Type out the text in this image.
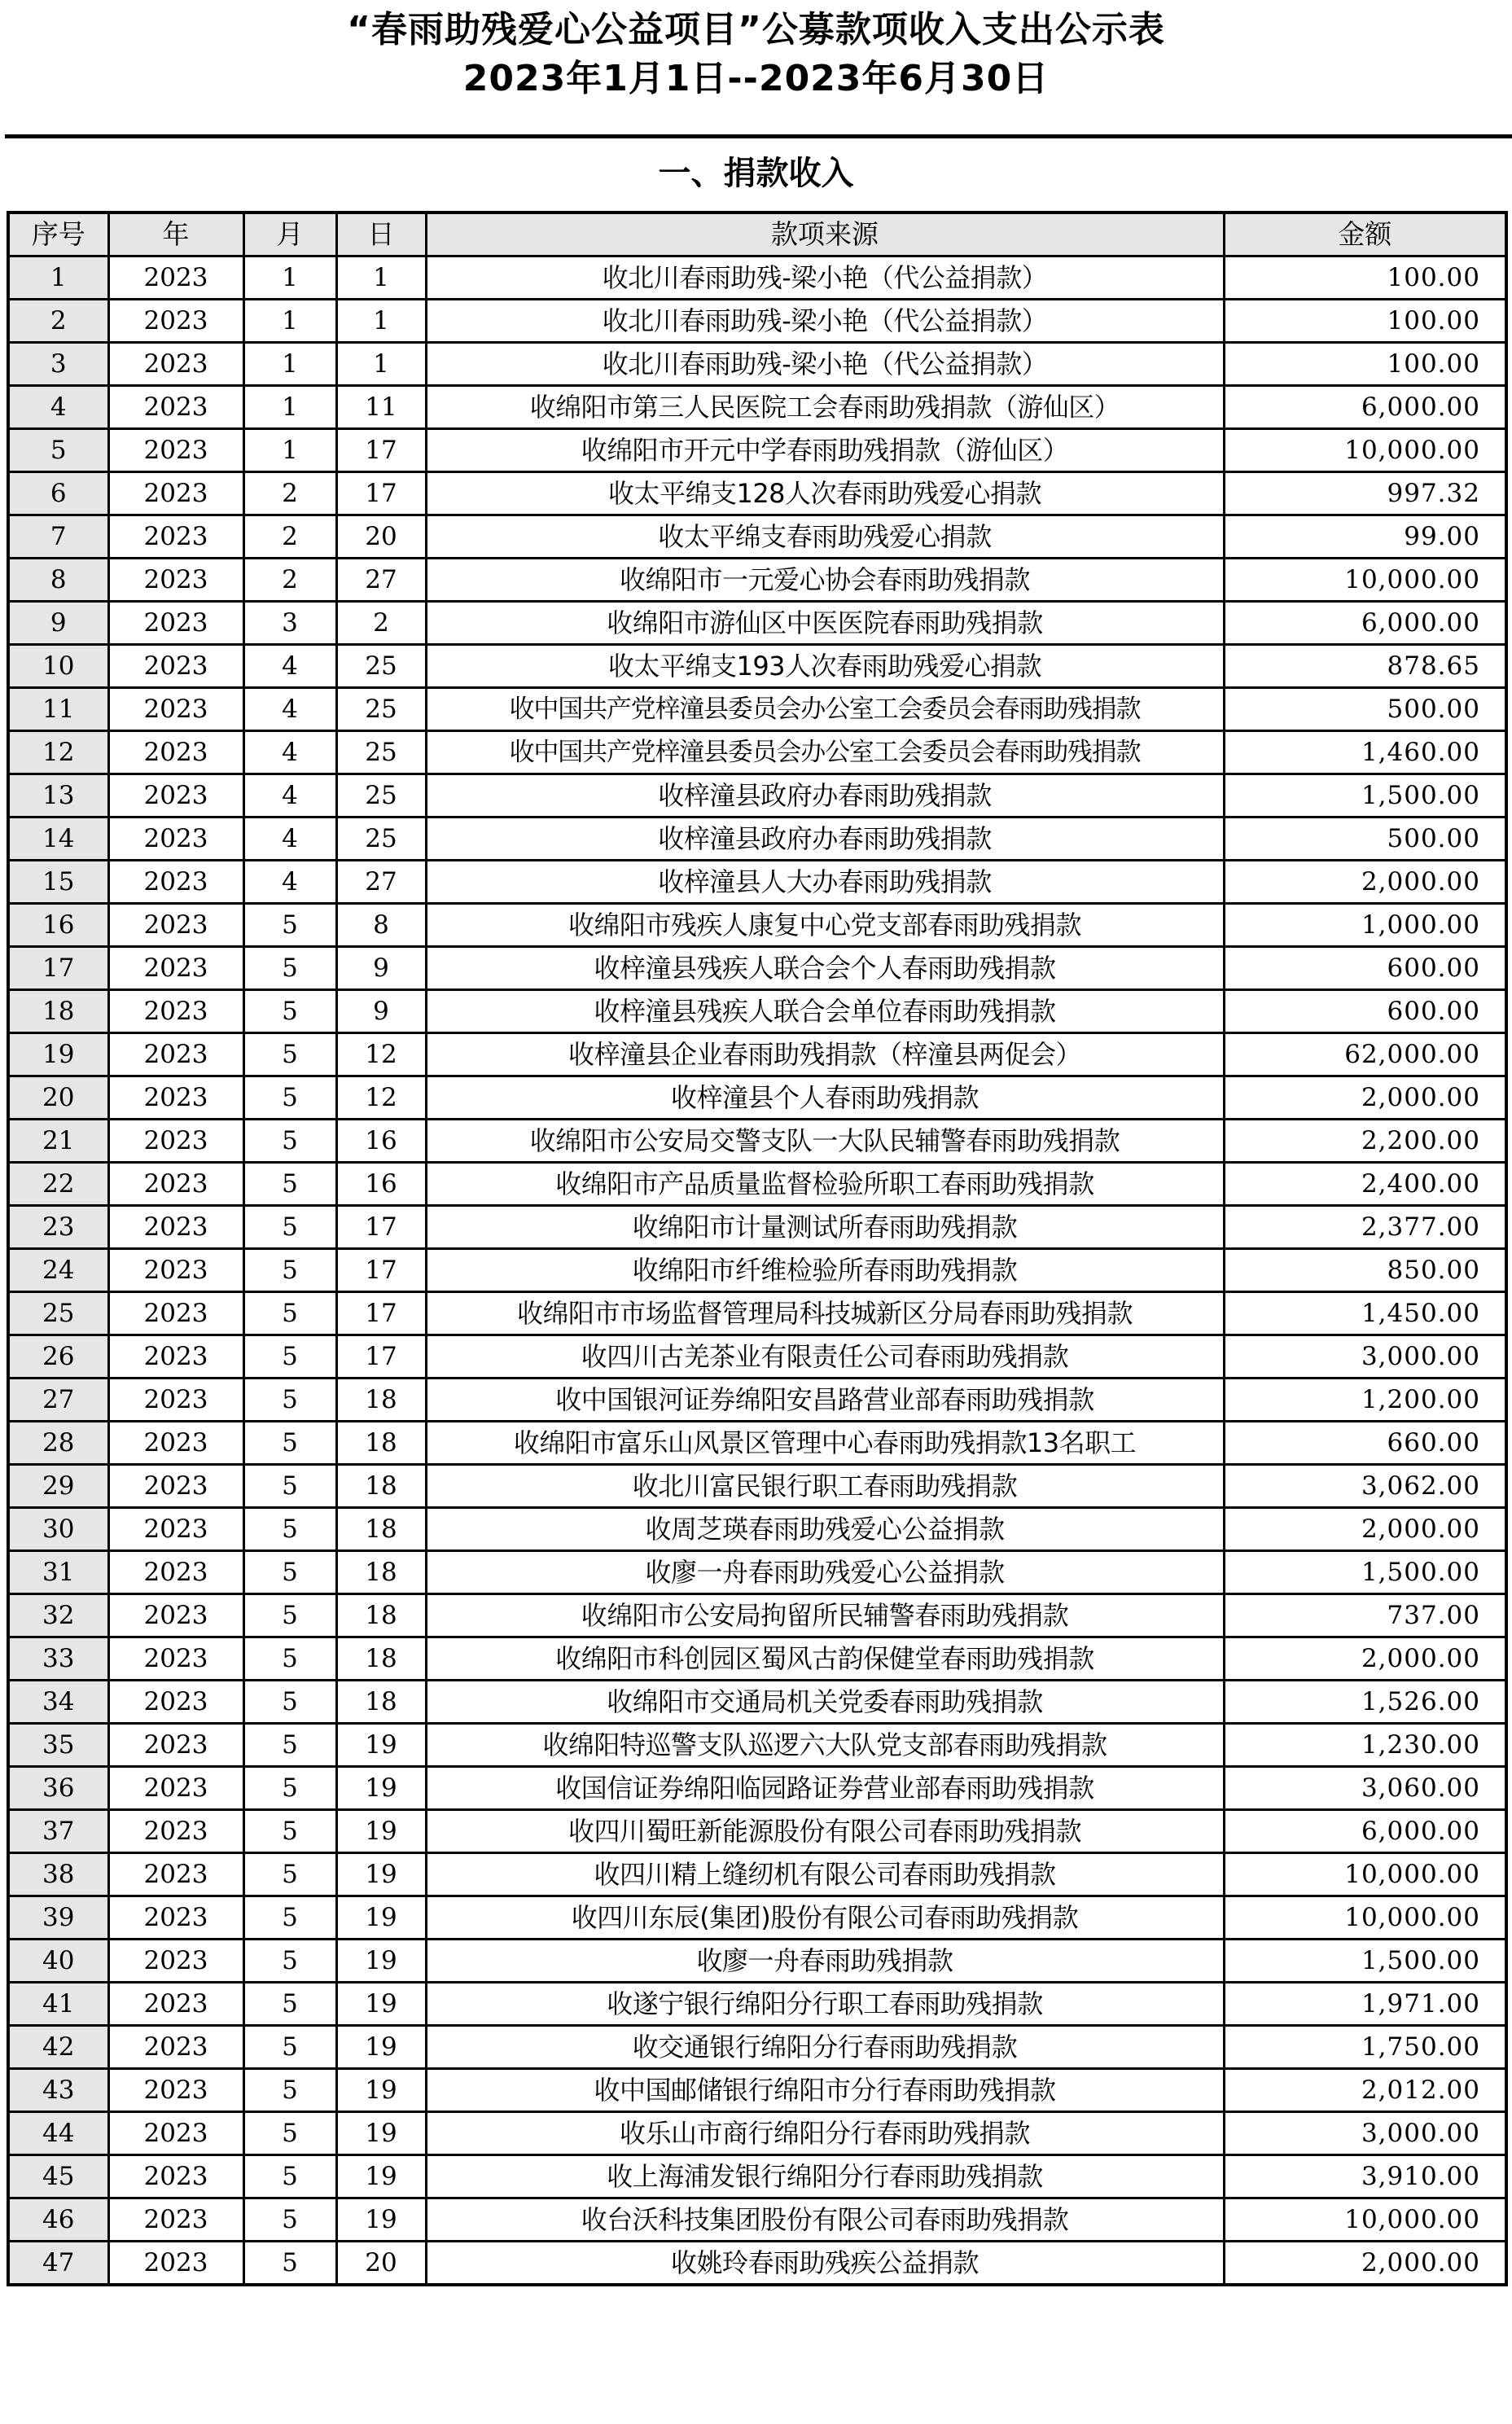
“春雨助残爱心公益项目”公募款项收入支出公示表
2023年1月1日--2023年6月30日
一、捐款收入
序号	年	月	日	款项来源	金额
1	2023	1	1	收北川春雨助残-梁小艳（代公益捐款）	100.00
2	2023	1	1	收北川春雨助残-梁小艳（代公益捐款）	100.00
3	2023	1	1	收北川春雨助残-梁小艳（代公益捐款）	100.00
4	2023	1	11	收绵阳市第三人民医院工会春雨助残捐款（游仙区）	6,000.00
5	2023	1	17	收绵阳市开元中学春雨助残捐款（游仙区）	10,000.00
6	2023	2	17	收太平绵支128人次春雨助残爱心捐款	997.32
7	2023	2	20	收太平绵支春雨助残爱心捐款	99.00
8	2023	2	27	收绵阳市一元爱心协会春雨助残捐款	10,000.00
9	2023	3	2	收绵阳市游仙区中医医院春雨助残捐款	6,000.00
10	2023	4	25	收太平绵支193人次春雨助残爱心捐款	878.65
11	2023	4	25	收中国共产党梓潼县委员会办公室工会委员会春雨助残捐款	500.00
12	2023	4	25	收中国共产党梓潼县委员会办公室工会委员会春雨助残捐款	1,460.00
13	2023	4	25	收梓潼县政府办春雨助残捐款	1,500.00
14	2023	4	25	收梓潼县政府办春雨助残捐款	500.00
15	2023	4	27	收梓潼县人大办春雨助残捐款	2,000.00
16	2023	5	8	收绵阳市残疾人康复中心党支部春雨助残捐款	1,000.00
17	2023	5	9	收梓潼县残疾人联合会个人春雨助残捐款	600.00
18	2023	5	9	收梓潼县残疾人联合会单位春雨助残捐款	600.00
19	2023	5	12	收梓潼县企业春雨助残捐款（梓潼县两促会）	62,000.00
20	2023	5	12	收梓潼县个人春雨助残捐款	2,000.00
21	2023	5	16	收绵阳市公安局交警支队一大队民辅警春雨助残捐款	2,200.00
22	2023	5	16	收绵阳市产品质量监督检验所职工春雨助残捐款	2,400.00
23	2023	5	17	收绵阳市计量测试所春雨助残捐款	2,377.00
24	2023	5	17	收绵阳市纤维检验所春雨助残捐款	850.00
25	2023	5	17	收绵阳市市场监督管理局科技城新区分局春雨助残捐款	1,450.00
26	2023	5	17	收四川古羌茶业有限责任公司春雨助残捐款	3,000.00
27	2023	5	18	收中国银河证券绵阳安昌路营业部春雨助残捐款	1,200.00
28	2023	5	18	收绵阳市富乐山风景区管理中心春雨助残捐款13名职工	660.00
29	2023	5	18	收北川富民银行职工春雨助残捐款	3,062.00
30	2023	5	18	收周芝瑛春雨助残爱心公益捐款	2,000.00
31	2023	5	18	收廖一舟春雨助残爱心公益捐款	1,500.00
32	2023	5	18	收绵阳市公安局拘留所民辅警春雨助残捐款	737.00
33	2023	5	18	收绵阳市科创园区蜀风古韵保健堂春雨助残捐款	2,000.00
34	2023	5	18	收绵阳市交通局机关党委春雨助残捐款	1,526.00
35	2023	5	19	收绵阳特巡警支队巡逻六大队党支部春雨助残捐款	1,230.00
36	2023	5	19	收国信证券绵阳临园路证券营业部春雨助残捐款	3,060.00
37	2023	5	19	收四川蜀旺新能源股份有限公司春雨助残捐款	6,000.00
38	2023	5	19	收四川精上缝纫机有限公司春雨助残捐款	10,000.00
39	2023	5	19	收四川东辰(集团)股份有限公司春雨助残捐款	10,000.00
40	2023	5	19	收廖一舟春雨助残捐款	1,500.00
41	2023	5	19	收遂宁银行绵阳分行职工春雨助残捐款	1,971.00
42	2023	5	19	收交通银行绵阳分行春雨助残捐款	1,750.00
43	2023	5	19	收中国邮储银行绵阳市分行春雨助残捐款	2,012.00
44	2023	5	19	收乐山市商行绵阳分行春雨助残捐款	3,000.00
45	2023	5	19	收上海浦发银行绵阳分行春雨助残捐款	3,910.00
46	2023	5	19	收台沃科技集团股份有限公司春雨助残捐款	10,000.00
47	2023	5	20	收姚玲春雨助残疾公益捐款	2,000.00
